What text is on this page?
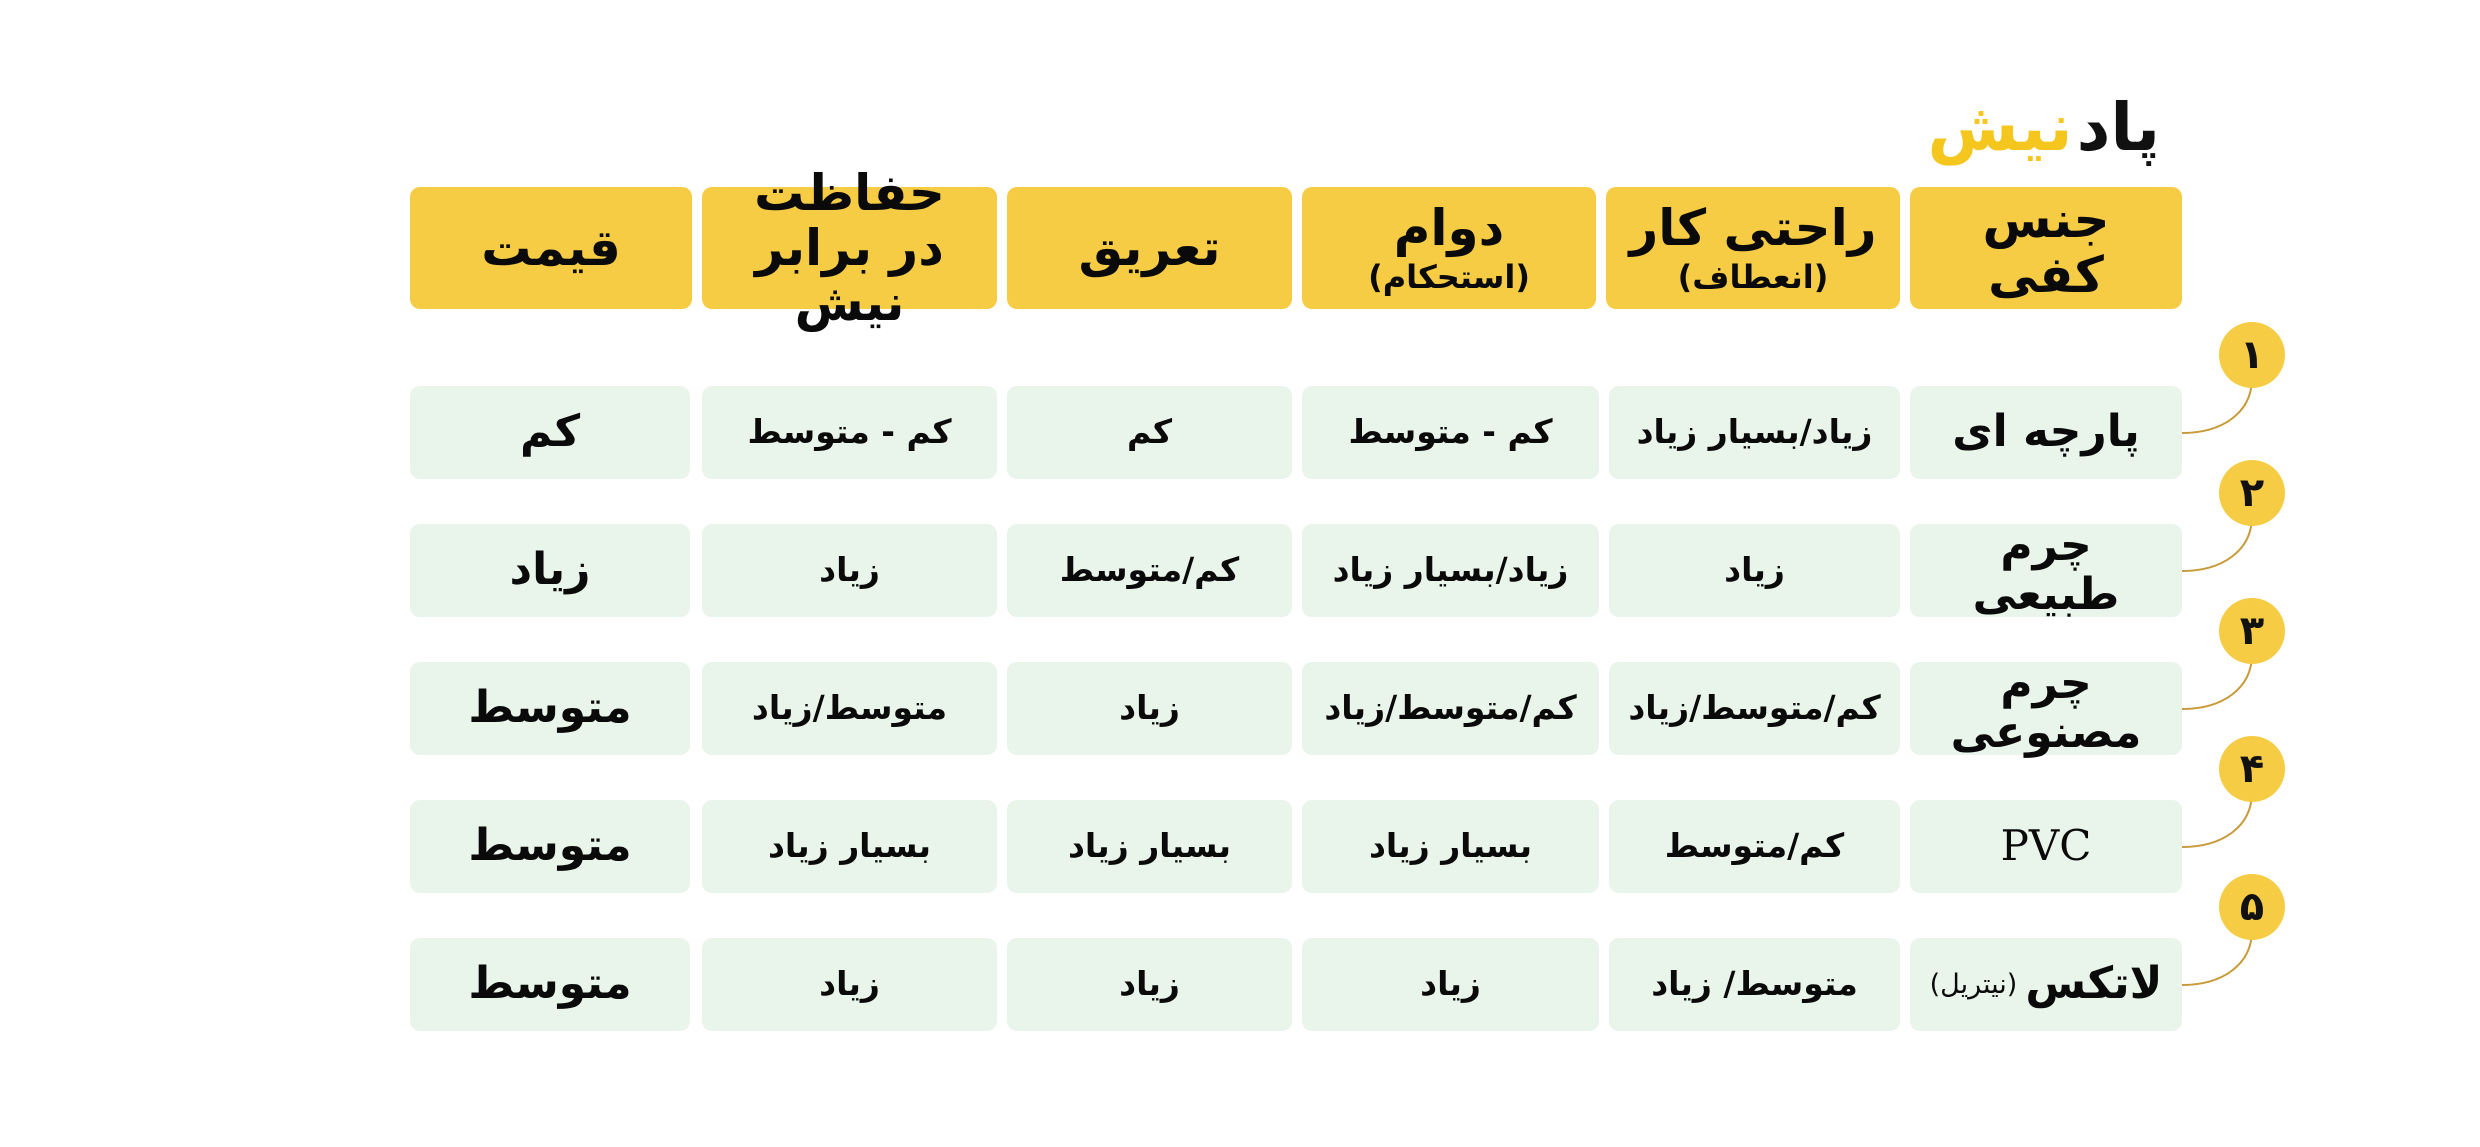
پاد
نیش
جنس کفی
راحتی کار
(انعطاف)
دوام
(استحکام)
تعریق
حفاظت در برابر نیش
قیمت
پارچه ای
زیاد/بسیار زیاد
کم - متوسط
کم
کم - متوسط
کم
چرم طبیعی
زیاد
زیاد/بسیار زیاد
کم/متوسط
زیاد
زیاد
چرم مصنوعی
کم/متوسط/زیاد
کم/متوسط/زیاد
زیاد
متوسط/زیاد
متوسط
PVC
کم/متوسط
بسیار زیاد
بسیار زیاد
بسیار زیاد
متوسط
لاتکس
(نیتریل)
متوسط/ زیاد
زیاد
زیاد
زیاد
متوسط
۱
۲
۳
۴
۵
